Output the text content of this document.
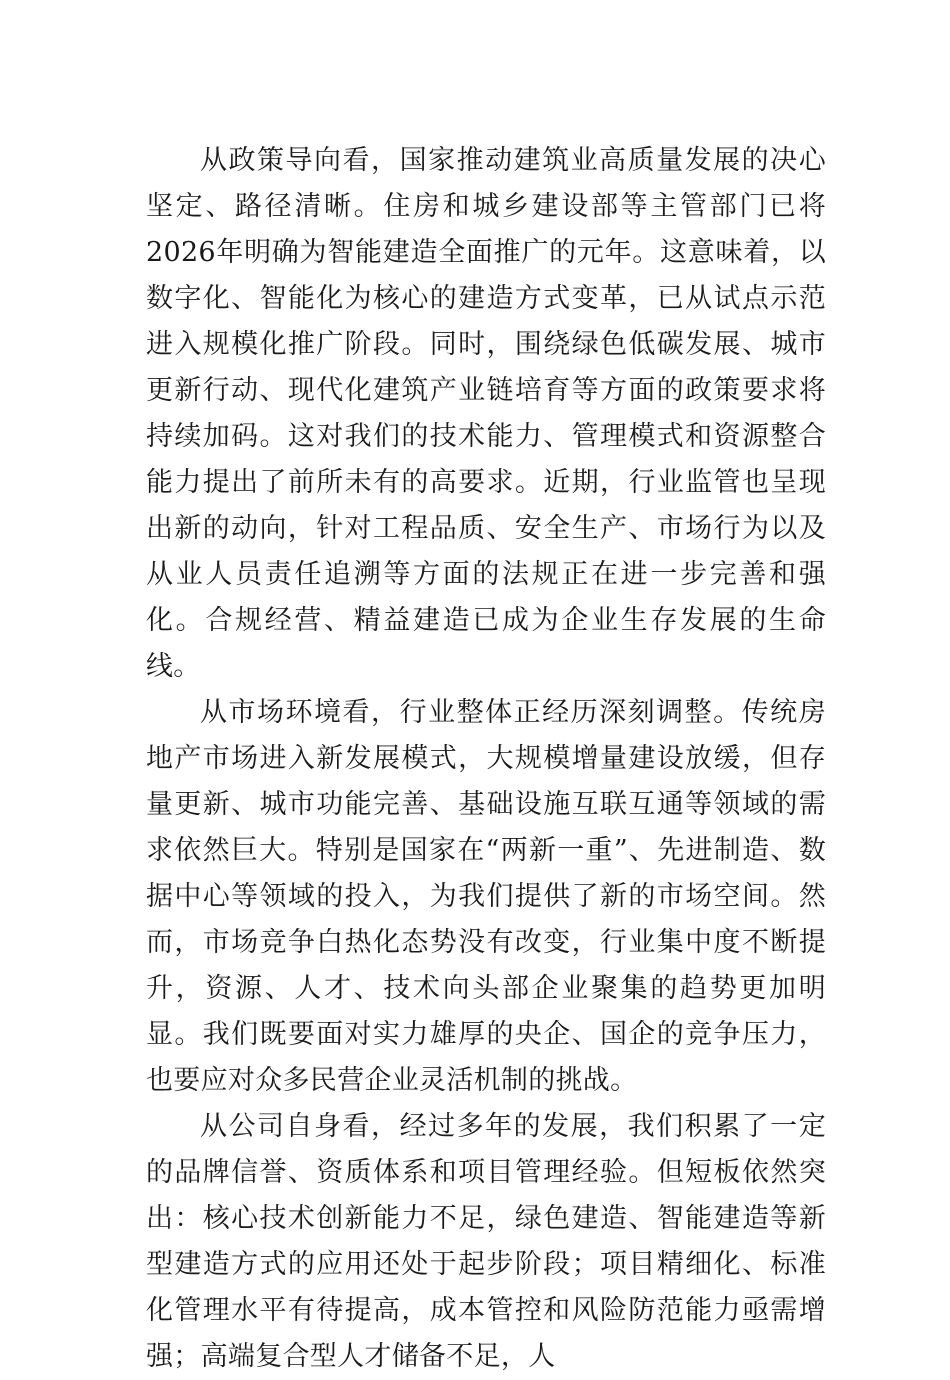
从政策导向看，国家推动建筑业高质量发展的决心坚定、路径清晰。住房和城乡建设部等主管部门已将2026年明确为智能建造全面推广的元年。这意味着，以数字化、智能化为核心的建造方式变革，已从试点示范进入规模化推广阶段。同时，围绕绿色低碳发展、城市更新行动、现代化建筑产业链培育等方面的政策要求将持续加码。这对我们的技术能力、管理模式和资源整合能力提出了前所未有的高要求。近期，行业监管也呈现出新的动向，针对工程品质、安全生产、市场行为以及从业人员责任追溯等方面的法规正在进一步完善和强化。合规经营、精益建造已成为企业生存发展的生命线。

从市场环境看，行业整体正经历深刻调整。传统房地产市场进入新发展模式，大规模增量建设放缓，但存量更新、城市功能完善、基础设施互联互通等领域的需求依然巨大。特别是国家在“两新一重”、先进制造、数据中心等领域的投入，为我们提供了新的市场空间。然而，市场竞争白热化态势没有改变，行业集中度不断提升，资源、人才、技术向头部企业聚集的趋势更加明显。我们既要面对实力雄厚的央企、国企的竞争压力，也要应对众多民营企业灵活机制的挑战。

从公司自身看，经过多年的发展，我们积累了一定的品牌信誉、资质体系和项目管理经验。但短板依然突出：核心技术创新能力不足，绿色建造、智能建造等新型建造方式的应用还处于起步阶段；项目精细化、标准化管理水平有待提高，成本管控和风险防范能力亟需增强；高端复合型人才储备不足，人
